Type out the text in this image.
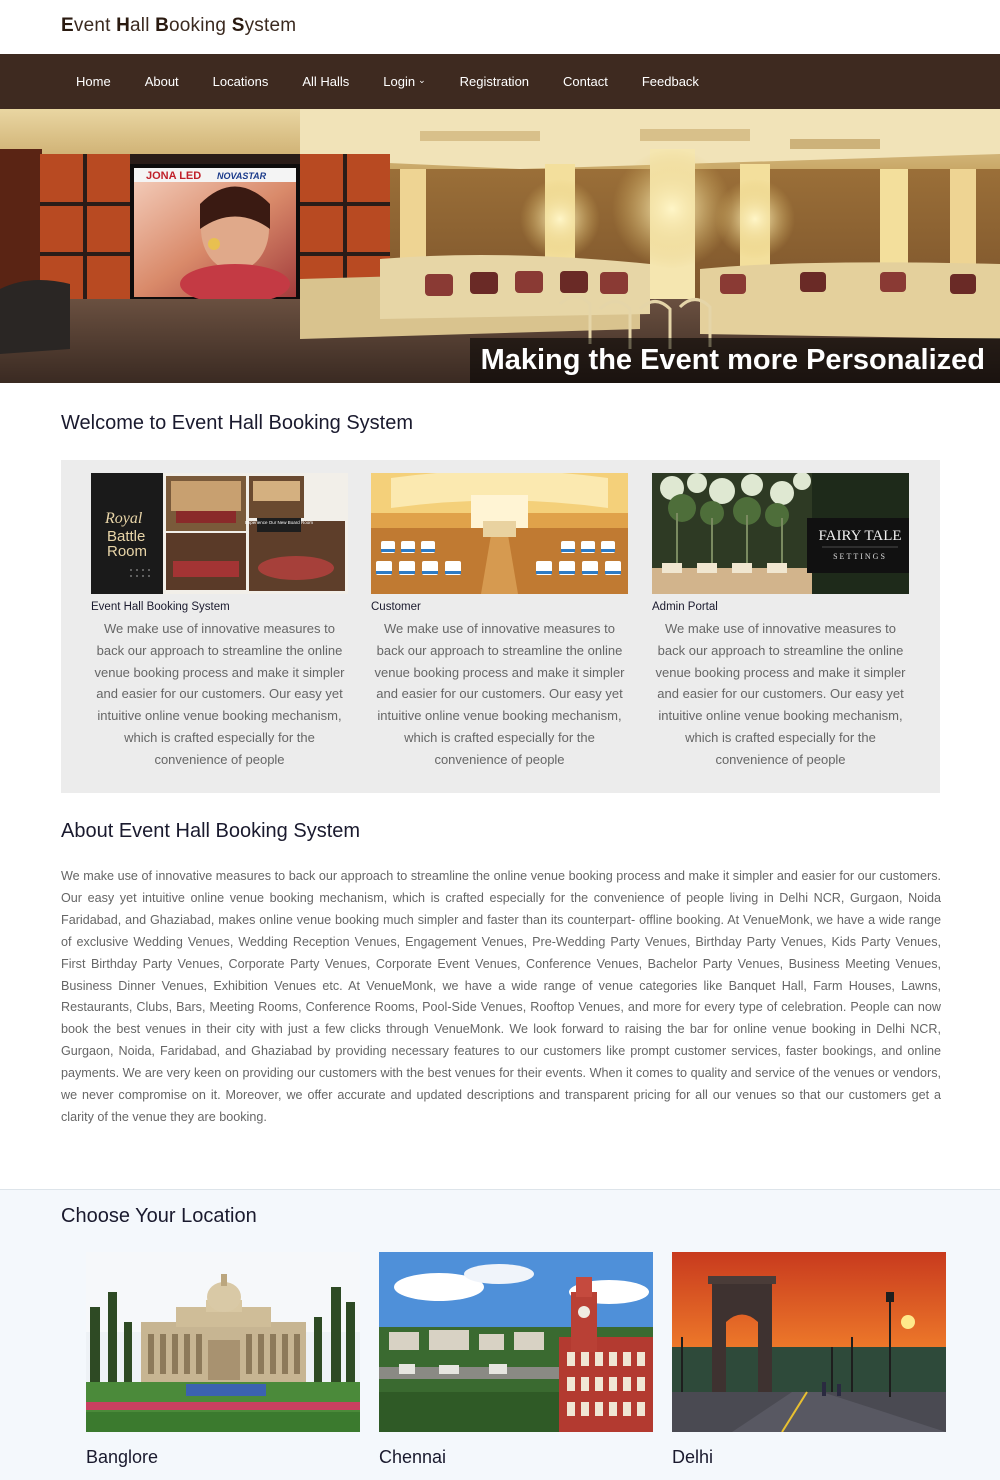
Event Hall Booking System
Home	About	Locations	All Halls	Login ⌄	Registration	Contact	Feedback
JONA LED NOVASTAR
Making the Event more Personalized
Welcome to Event Hall Booking System
Experience Our New Board Room
Royal
Battle
Room
Event Hall Booking System
We make use of innovative measures to back our approach to streamline the online venue booking process and make it simpler and easier for our customers. Our easy yet intuitive online venue booking mechanism, which is crafted especially for the convenience of people
Customer
We make use of innovative measures to back our approach to streamline the online venue booking process and make it simpler and easier for our customers. Our easy yet intuitive online venue booking mechanism, which is crafted especially for the convenience of people
FAIRY TALE
SETTINGS
Admin Portal
We make use of innovative measures to back our approach to streamline the online venue booking process and make it simpler and easier for our customers. Our easy yet intuitive online venue booking mechanism, which is crafted especially for the convenience of people
About Event Hall Booking System

We make use of innovative measures to back our approach to streamline the online venue booking process and make it simpler and easier for our customers. Our easy yet intuitive online venue booking mechanism, which is crafted especially for the convenience of people living in Delhi NCR, Gurgaon, Noida Faridabad, and Ghaziabad, makes online venue booking much simpler and faster than its counterpart- offline booking. At VenueMonk, we have a wide range of exclusive Wedding Venues, Wedding Reception Venues, Engagement Venues, Pre-Wedding Party Venues, Birthday Party Venues, Kids Party Venues, First Birthday Party Venues, Corporate Party Venues, Corporate Event Venues, Conference Venues, Bachelor Party Venues, Business Meeting Venues, Business Dinner Venues, Exhibition Venues etc. At VenueMonk, we have a wide range of venue categories like Banquet Hall, Farm Houses, Lawns, Restaurants, Clubs, Bars, Meeting Rooms, Conference Rooms, Pool-Side Venues, Rooftop Venues, and more for every type of celebration. People can now book the best venues in their city with just a few clicks through VenueMonk. We look forward to raising the bar for online venue booking in Delhi NCR, Gurgaon, Noida, Faridabad, and Ghaziabad by providing necessary features to our customers like prompt customer services, faster bookings, and online payments. We are very keen on providing our customers with the best venues for their events. When it comes to quality and service of the venues or vendors, we never compromise on it. Moreover, we offer accurate and updated descriptions and transparent pricing for all our venues so that our customers get a clarity of the venue they are booking.

Choose Your Location
Banglore	Chennai	Delhi
